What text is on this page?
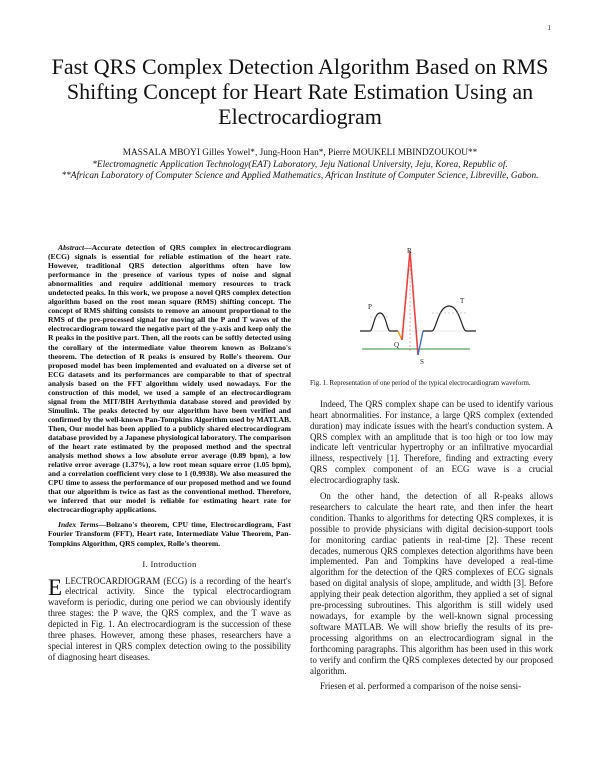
1
Fast QRS Complex Detection Algorithm Based on RMS Shifting Concept for Heart Rate Estimation Using an Electrocardiogram
MASSALA MBOYI Gilles Yowel*, Jung-Hoon Han*, Pierre MOUKELI MBINDZOUKOU**
*Electromagnetic Application Technology(EAT) Laboratory, Jeju National University, Jeju, Korea, Republic of.
**African Laboratory of Computer Science and Applied Mathematics, African Institute of Computer Science, Libreville, Gabon.

Abstract—Accurate detection of QRS complex in electrocardiogram (ECG) signals is essential for reliable estimation of the heart rate. However, traditional QRS detection algorithms often have low performance in the presence of various types of noise and signal abnormalities and require additional memory resources to track undetected peaks. In this work, we propose a novel QRS complex detection algorithm based on the root mean square (RMS) shifting concept. The concept of RMS shifting consists to remove an amount proportional to the RMS of the pre-processed signal for moving all the P and T waves of the electrocardiogram toward the negative part of the y-axis and keep only the R peaks in the positive part. Then, all the roots can be softly detected using the corollary of the intermediate value theorem known as Bolzano's theorem. The detection of R peaks is ensured by Rolle's theorem. Our proposed model has been implemented and evaluated on a diverse set of ECG datasets and its performances are comparable to that of spectral analysis based on the FFT algorithm widely used nowadays. For the construction of this model, we used a sample of an electrocardiogram signal from the MIT/BIH Arrhythmia database stored and provided by Simulink. The peaks detected by our algorithm have been verified and confirmed by the well-known Pan-Tompkins Algorithm used by MATLAB. Then, Our model has been applied to a publicly shared electrocardiogram database provided by a Japanese physiological laboratory. The comparison of the heart rate estimated by the proposed method and the spectral analysis method shows a low absolute error average (0.89 bpm), a low relative error average (1.37%), a low root mean square error (1.05 bpm), and a correlation coefficient very close to 1 (0.9938). We also measured the CPU time to assess the performance of our proposed method and we found that our algorithm is twice as fast as the conventional method. Therefore, we inferred that our model is reliable for estimating heart rate for electrocardiography applications.

Index Terms—Bolzano's theorem, CPU time, Electrocardiogram, Fast Fourier Transform (FFT), Heart rate, Intermediate Value Theorem, Pan-Tompkins Algorithm, QRS complex, Rolle's theorem.

I. Introduction

ELECTROCARDIOGRAM (ECG) is a recording of the heart's electrical activity. Since the typical electrocardiogram waveform is periodic, during one period we can obviously identify three stages: the P wave, the QRS complex, and the T wave as depicted in Fig. 1. An electrocardiogram is the succession of these three phases. However, among these phases, researchers have a special interest in QRS complex detection owing to the possibility of diagnosing heart diseases.

R
P
T
Q
S
Fig. 1. Representation of one period of the typical electrocardiogram waveform.

Indeed, The QRS complex shape can be used to identify various heart abnormalities. For instance, a large QRS complex (extended duration) may indicate issues with the heart's conduction system. A QRS complex with an amplitude that is too high or too low may indicate left ventricular hypertrophy or an infiltrative myocardial illness, respectively [1]. Therefore, finding and extracting every QRS complex component of an ECG wave is a crucial electrocardiography task.

On the other hand, the detection of all R-peaks allows researchers to calculate the heart rate, and then infer the heart condition. Thanks to algorithms for detecting QRS complexes, it is possible to provide physicians with digital decision-support tools for monitoring cardiac patients in real-time [2]. These recent decades, numerous QRS complexes detection algorithms have been implemented. Pan and Tompkins have developed a real-time algorithm for the detection of the QRS complexes of ECG signals based on digital analysis of slope, amplitude, and width [3]. Before applying their peak detection algorithm, they applied a set of signal pre-processing subroutines. This algorithm is still widely used nowadays, for example by the well-known signal processing software MATLAB. We will show briefly the results of its pre-processing algorithms on an electrocardiogram signal in the forthcoming paragraphs. This algorithm has been used in this work to verify and confirm the QRS complexes detected by our proposed algorithm.

Friesen et al. performed a comparison of the noise sensi-
